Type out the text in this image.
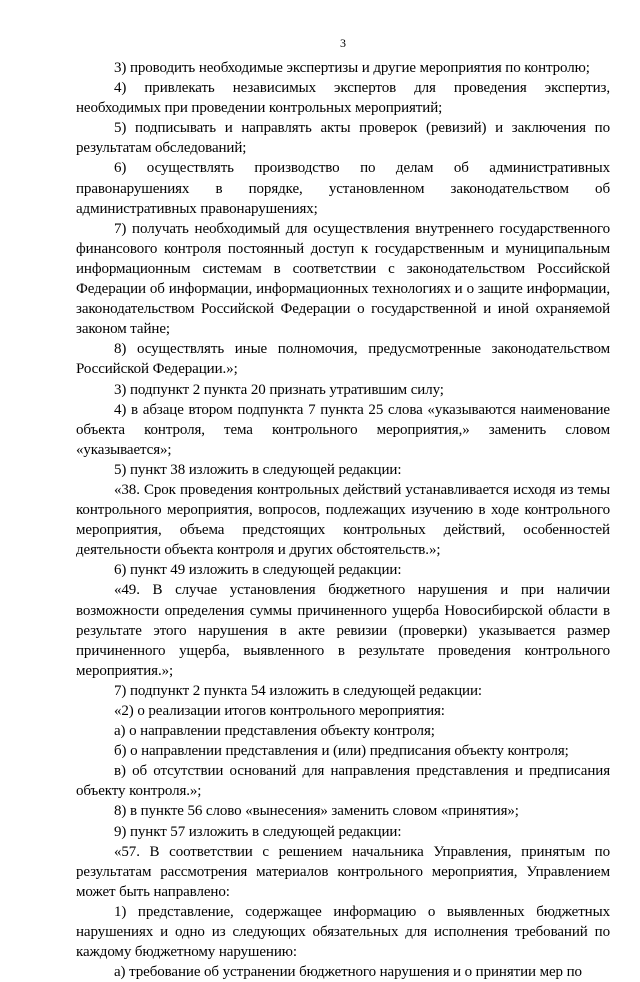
3

3) проводить необходимые экспертизы и другие мероприятия по контролю;

4) привлекать независимых экспертов для проведения экспертиз, необходимых при проведении контрольных мероприятий;

5) подписывать и направлять акты проверок (ревизий) и заключения по результатам обследований;

6) осуществлять производство по делам об административных правонарушениях в порядке, установленном законодательством об административных правонарушениях;

7) получать необходимый для осуществления внутреннего государственного финансового контроля постоянный доступ к государственным и муниципальным информационным системам в соответствии с законодательством Российской Федерации об информации, информационных технологиях и о защите информации, законодательством Российской Федерации о государственной и иной охраняемой законом тайне;

8) осуществлять иные полномочия, предусмотренные законодательством Российской Федерации.»;

3) подпункт 2 пункта 20 признать утратившим силу;

4) в абзаце втором подпункта 7 пункта 25 слова «указываются наименование объекта контроля, тема контрольного мероприятия,» заменить словом «указывается»;

5) пункт 38 изложить в следующей редакции:

«38. Срок проведения контрольных действий устанавливается исходя из темы контрольного мероприятия, вопросов, подлежащих изучению в ходе контрольного мероприятия, объема предстоящих контрольных действий, особенностей деятельности объекта контроля и других обстоятельств.»;

6) пункт 49 изложить в следующей редакции:

«49. В случае установления бюджетного нарушения и при наличии возможности определения суммы причиненного ущерба Новосибирской области в результате этого нарушения в акте ревизии (проверки) указывается размер причиненного ущерба, выявленного в результате проведения контрольного мероприятия.»;

7) подпункт 2 пункта 54 изложить в следующей редакции:

«2) о реализации итогов контрольного мероприятия:

а) о направлении представления объекту контроля;

б) о направлении представления и (или) предписания объекту контроля;

в) об отсутствии оснований для направления представления и предписания объекту контроля.»;

8) в пункте 56 слово «вынесения» заменить словом «принятия»;

9) пункт 57 изложить в следующей редакции:

«57. В соответствии с решением начальника Управления, принятым по результатам рассмотрения материалов контрольного мероприятия, Управлением может быть направлено:

1) представление, содержащее информацию о выявленных бюджетных нарушениях и одно из следующих обязательных для исполнения требований по каждому бюджетному нарушению:

а) требование об устранении бюджетного нарушения и о принятии мер по
